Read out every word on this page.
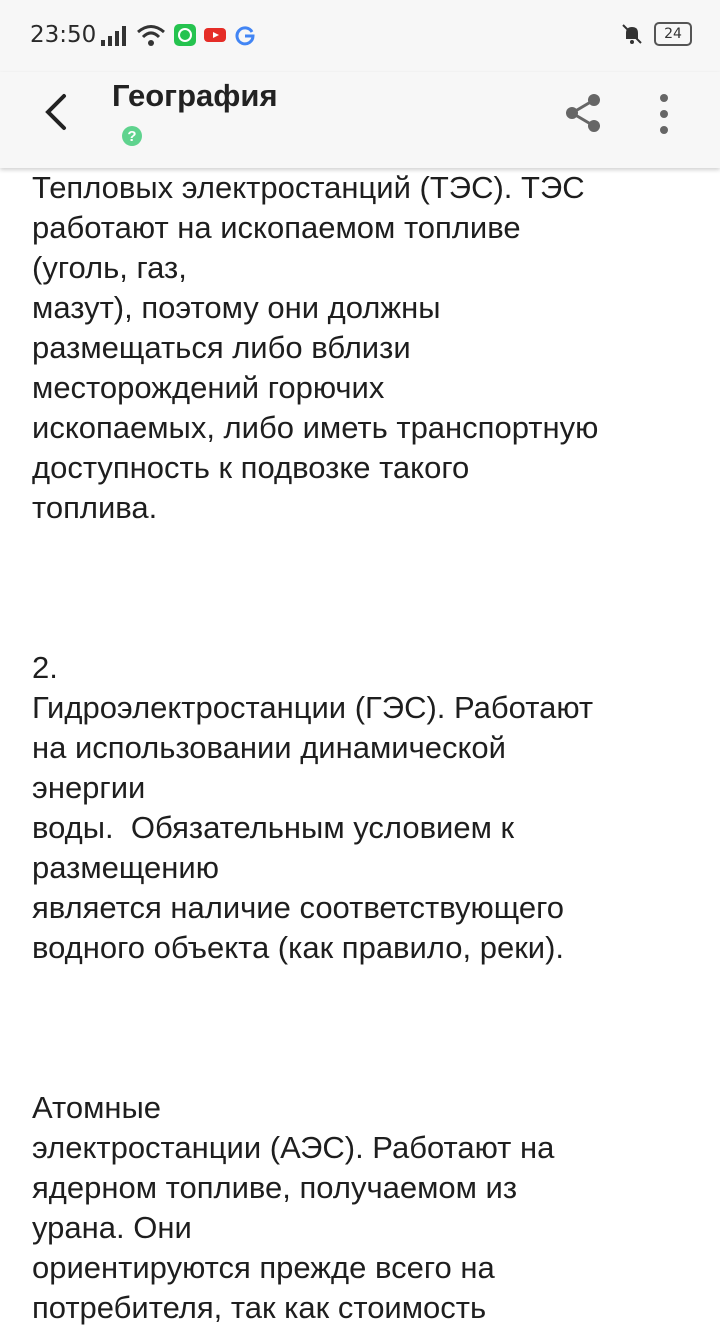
23:50	24
География
?

Тепловых электростанций (ТЭС). ТЭС

работают на ископаемом топливе

(уголь, газ,

мазут), поэтому они должны

размещаться либо вблизи

месторождений горючих

ископаемых, либо иметь транспортную

доступность к подвозке такого

топлива.

2.

Гидроэлектростанции (ГЭС). Работают

на использовании динамической

энергии

воды.  Обязательным условием к

размещению

является наличие соответствующего

водного объекта (как правило, реки).

Атомные

электростанции (АЭС). Работают на

ядерном топливе, получаемом из

урана. Они

ориентируются прежде всего на

потребителя, так как стоимость
